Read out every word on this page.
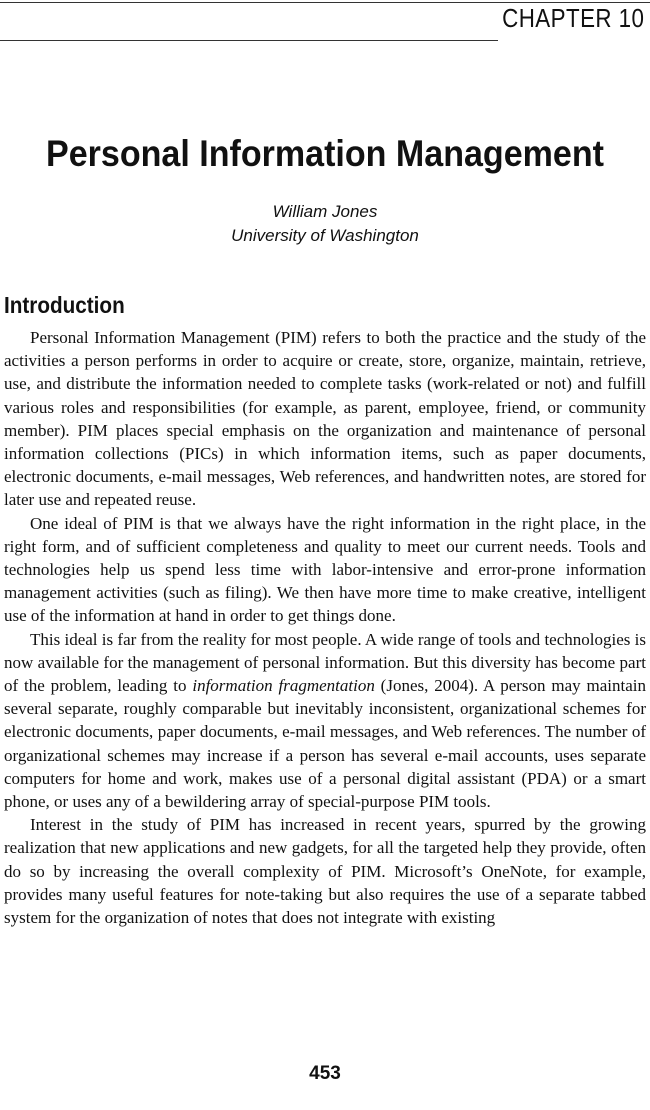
CHAPTER 10
Personal Information Management
William Jones
University of Washington
Introduction

Personal Information Management (PIM) refers to both the practice and the study of the activities a person performs in order to acquire or create, store, organize, maintain, retrieve, use, and distribute the information needed to complete tasks (work-related or not) and fulfill various roles and responsibilities (for example, as parent, employee, friend, or community member). PIM places special emphasis on the organization and maintenance of personal information collections (PICs) in which information items, such as paper documents, electronic documents, e-mail messages, Web references, and handwritten notes, are stored for later use and repeated reuse.

One ideal of PIM is that we always have the right information in the right place, in the right form, and of sufficient completeness and quality to meet our current needs. Tools and technologies help us spend less time with labor-intensive and error-prone information management activities (such as filing). We then have more time to make creative, intelligent use of the information at hand in order to get things done.

This ideal is far from the reality for most people. A wide range of tools and technologies is now available for the management of personal information. But this diversity has become part of the problem, leading to information fragmentation (Jones, 2004). A person may maintain several separate, roughly comparable but inevitably inconsistent, organizational schemes for electronic documents, paper documents, e-mail messages, and Web references. The number of organizational schemes may increase if a person has several e-mail accounts, uses separate computers for home and work, makes use of a personal digital assistant (PDA) or a smart phone, or uses any of a bewildering array of special-purpose PIM tools.

Interest in the study of PIM has increased in recent years, spurred by the growing realization that new applications and new gadgets, for all the targeted help they provide, often do so by increasing the overall complexity of PIM. Microsoft’s OneNote, for example, provides many useful features for note-taking but also requires the use of a separate tabbed system for the organization of notes that does not integrate with existing

453
